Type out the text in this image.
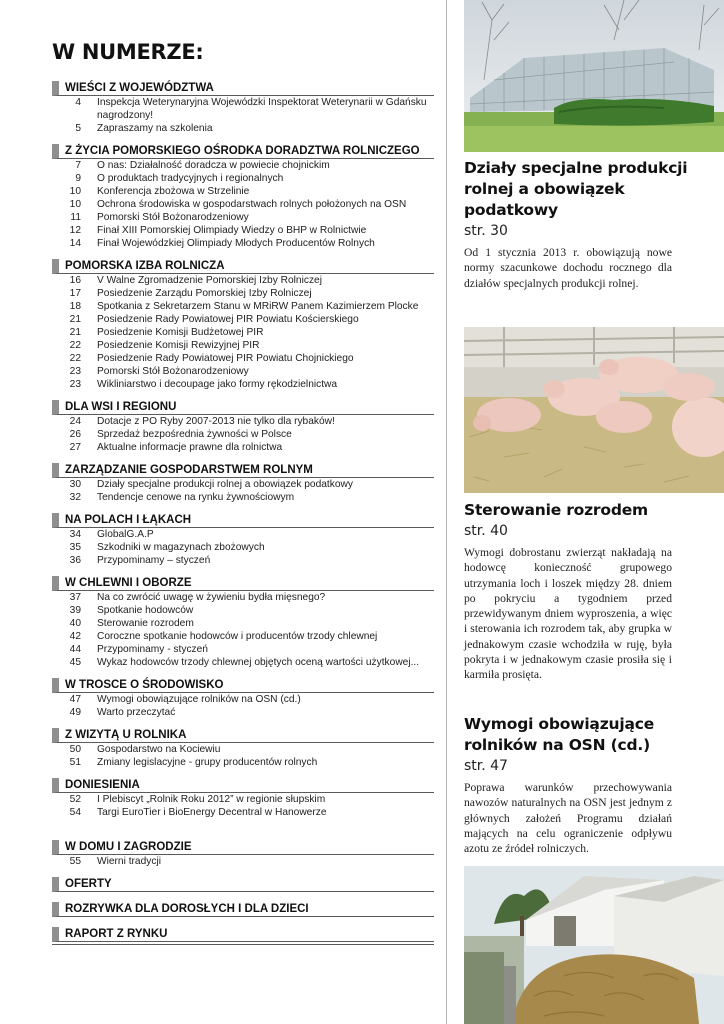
W NUMERZE:
WIEŚCI Z WOJEWÓDZTWA
4 Inspekcja Weterynaryjna Wojewódzki Inspektorat Weterynarii w Gdańsku nagrodzony!
5 Zapraszamy na szkolenia
Z ŻYCIA POMORSKIEGO OŚRODKA DORADZTWA ROLNICZEGO
7 O nas: Działalność doradcza w powiecie chojnickim
9 O produktach tradycyjnych i regionalnych
10 Konferencja zbożowa w Strzelinie
10 Ochrona środowiska w gospodarstwach rolnych położonych na OSN
11 Pomorski Stół Bożonarodzeniowy
12 Finał XIII Pomorskiej Olimpiady Wiedzy o BHP w Rolnictwie
14 Finał Wojewódzkiej Olimpiady Młodych Producentów Rolnych
POMORSKA IZBA ROLNICZA
16 V Walne Zgromadzenie Pomorskiej Izby Rolniczej
17 Posiedzenie Zarządu Pomorskiej Izby Rolniczej
18 Spotkania z Sekretarzem Stanu w MRiRW Panem Kazimierzem Plocke
21 Posiedzenie Rady Powiatowej PIR Powiatu Kościerskiego
21 Posiedzenie Komisji Budżetowej PIR
22 Posiedzenie Komisji Rewizyjnej PIR
22 Posiedzenie Rady Powiatowej PIR Powiatu Chojnickiego
23 Pomorski Stół Bożonarodzeniowy
23 Wikliniarstwo i decoupage jako formy rękodzielnictwa
DLA WSI I REGIONU
24 Dotacje z PO Ryby 2007-2013 nie tylko dla rybaków!
26 Sprzedaż bezpośrednia żywności w Polsce
27 Aktualne informacje prawne dla rolnictwa
ZARZĄDZANIE GOSPODARSTWEM ROLNYM
30 Działy specjalne produkcji rolnej a obowiązek podatkowy
32 Tendencje cenowe na rynku żywnościowym
NA POLACH I ŁĄKACH
34 GlobalG.A.P
35 Szkodniki w magazynach zbożowych
36 Przypominamy – styczeń
W CHLEWNI I OBORZE
37 Na co zwrócić uwagę w żywieniu bydła mięsnego?
39 Spotkanie hodowców
40 Sterowanie rozrodem
42 Coroczne spotkanie hodowców i producentów trzody chlewnej
44 Przypominamy - styczeń
45 Wykaz hodowców trzody chlewnej objętych oceną wartości użytkowej...
W TROSCE O ŚRODOWISKO
47 Wymogi obowiązujące rolników na OSN (cd.)
49 Warto przeczytać
Z WIZYTĄ U ROLNIKA
50 Gospodarstwo na Kociewiu
51 Zmiany legislacyjne - grupy producentów rolnych
DONIESIENIA
52 I Plebiscyt „Rolnik Roku 2012” w regionie słupskim
54 Targi EuroTier i BioEnergy Decentral w Hanowerze
W DOMU I ZAGRODZIE
55 Wierni tradycji
OFERTY
ROZRYWKA DLA DOROSŁYCH I DLA DZIECI
RAPORT Z RYNKU
Działy specjalne produkcji rolnej a obowiązek podatkowy
str. 30
Od 1 stycznia 2013 r. obowiązują nowe normy szacunkowe dochodu rocznego dla działów specjalnych produkcji rolnej.
Sterowanie rozrodem
str. 40
Wymogi dobrostanu zwierząt nakładają na hodowcę konieczność grupowego utrzymania loch i loszek między 28. dniem po pokryciu a tygodniem przed przewidywanym dniem wyproszenia, a więc i sterowania ich rozrodem tak, aby grupka w jednakowym czasie wchodziła w ruję, była pokryta i w jednakowym czasie prosiła się i karmiła prosięta.
Wymogi obowiązujące rolników na OSN (cd.)
str. 47
Poprawa warunków przechowywania nawozów naturalnych na OSN jest jednym z głównych założeń Programu działań mających na celu ograniczenie odpływu azotu ze źródeł rolniczych.
